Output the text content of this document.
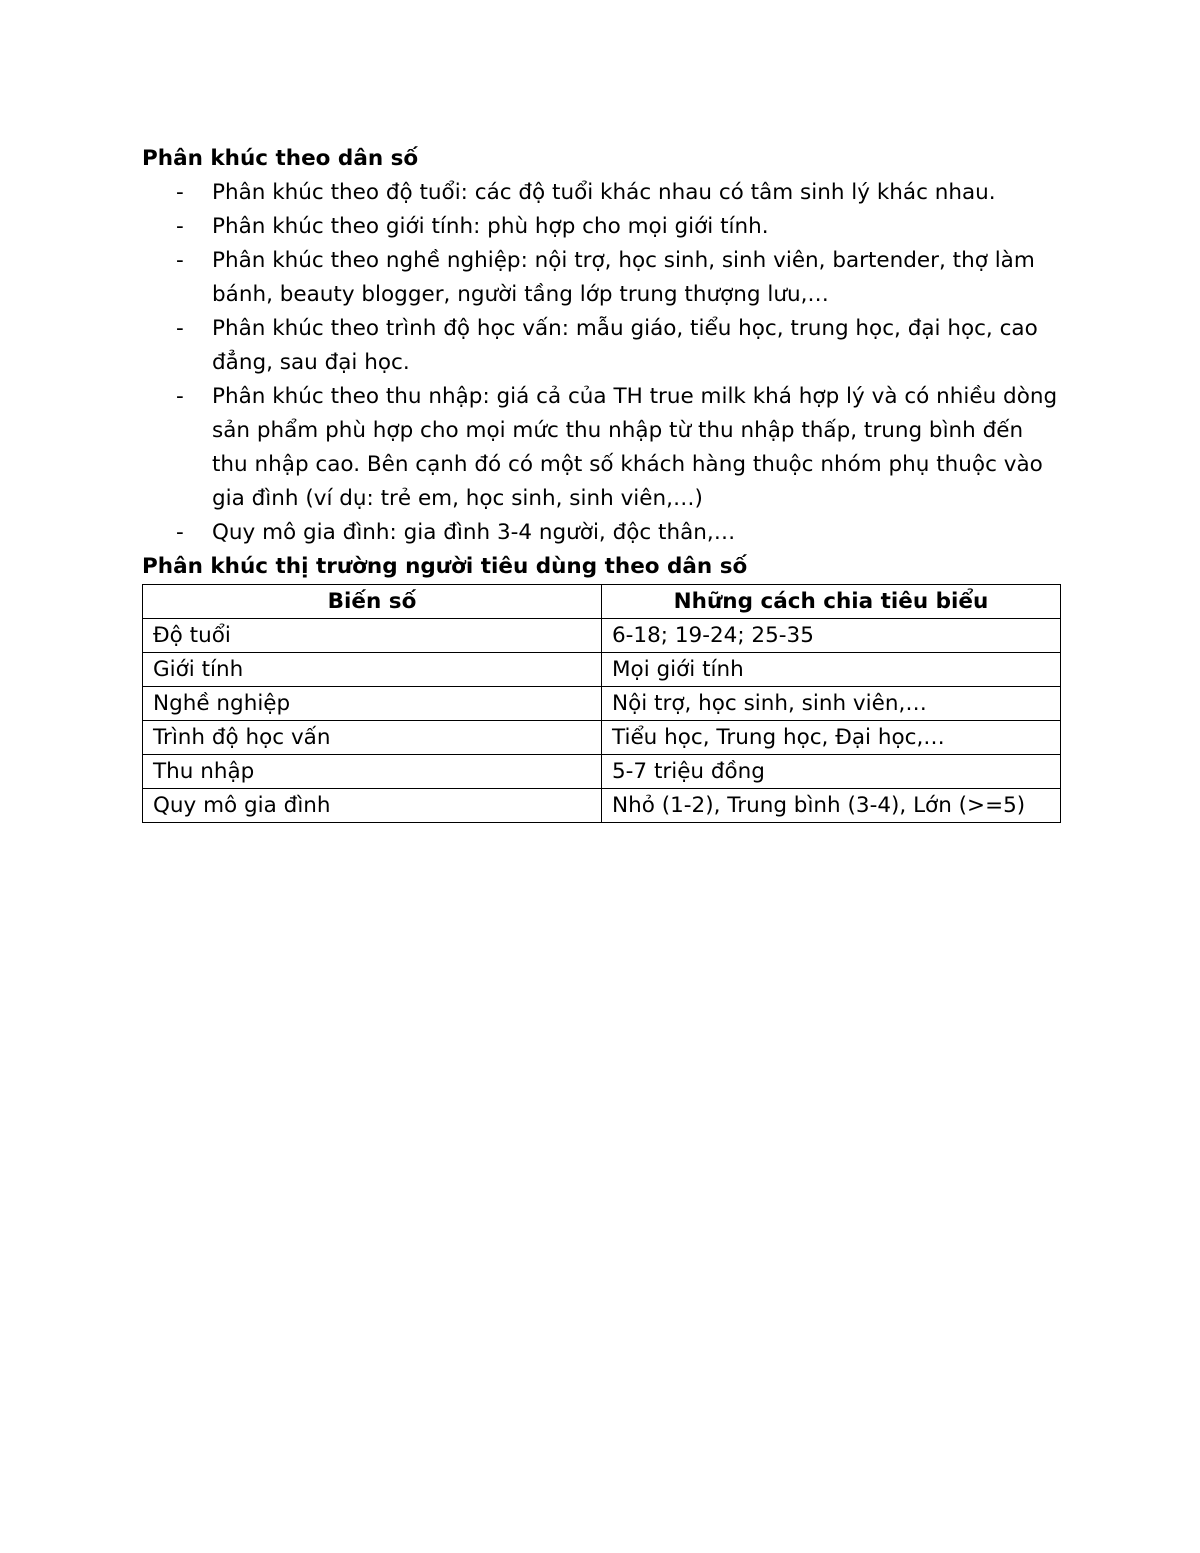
Phân khúc theo dân số

- Phân khúc theo độ tuổi: các độ tuổi khác nhau có tâm sinh lý khác nhau.
- Phân khúc theo giới tính: phù hợp cho mọi giới tính.
- Phân khúc theo nghề nghiệp: nội trợ, học sinh, sinh viên, bartender, thợ làm bánh, beauty blogger, người tầng lớp trung thượng lưu,…
- Phân khúc theo trình độ học vấn: mẫu giáo, tiểu học, trung học, đại học, cao đẳng, sau đại học.
- Phân khúc theo thu nhập: giá cả của TH true milk khá hợp lý và có nhiều dòng sản phẩm phù hợp cho mọi mức thu nhập từ thu nhập thấp, trung bình đến thu nhập cao. Bên cạnh đó có một số khách hàng thuộc nhóm phụ thuộc vào gia đình (ví dụ: trẻ em, học sinh, sinh viên,…)
- Quy mô gia đình: gia đình 3-4 người, độc thân,…

Phân khúc thị trường người tiêu dùng theo dân số

Biến số	Những cách chia tiêu biểu
Độ tuổi	6-18; 19-24; 25-35
Giới tính	Mọi giới tính
Nghề nghiệp	Nội trợ, học sinh, sinh viên,…
Trình độ học vấn	Tiểu học, Trung học, Đại học,…
Thu nhập	5-7 triệu đồng
Quy mô gia đình	Nhỏ (1-2), Trung bình (3-4), Lớn (>=5)
